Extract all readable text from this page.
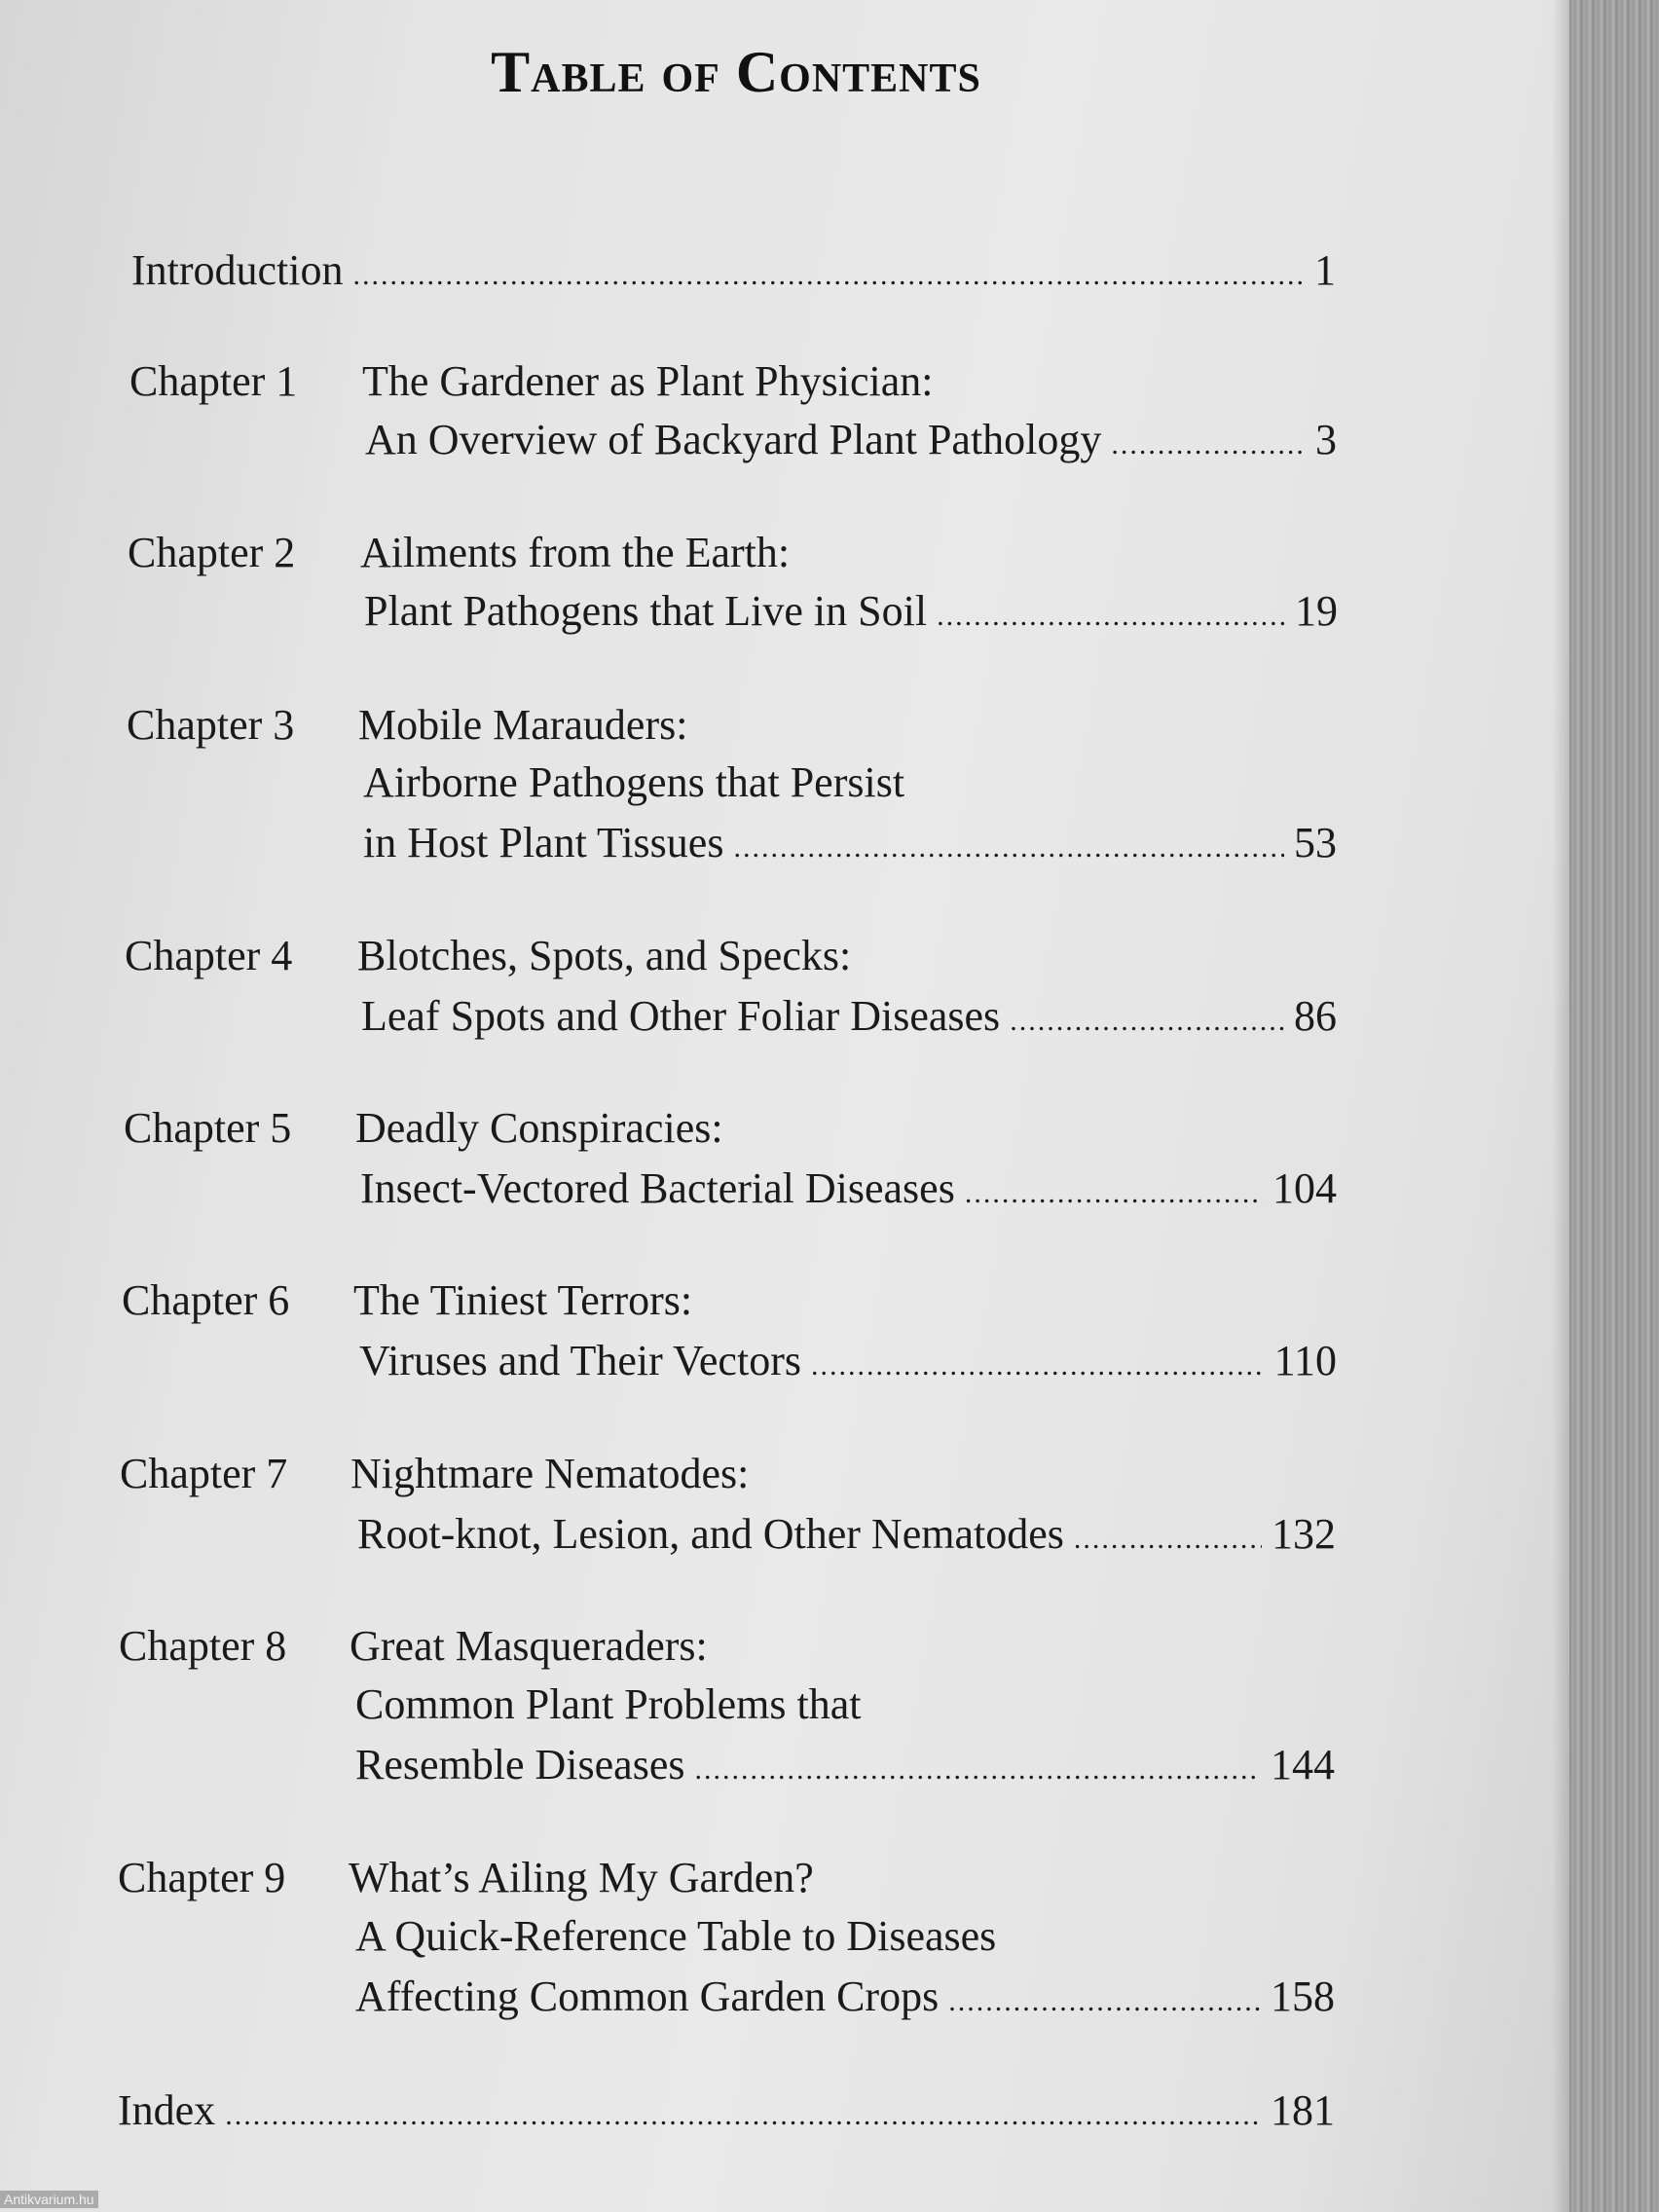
Table of Contents
Introduction .....	1
Chapter 1 The Gardener as Plant Physician:
An Overview of Backyard Plant Pathology .....	3
Chapter 2 Ailments from the Earth:
Plant Pathogens that Live in Soil .....	19
Chapter 3 Mobile Marauders:
Airborne Pathogens that Persist
in Host Plant Tissues .....	53
Chapter 4 Blotches, Spots, and Specks:
Leaf Spots and Other Foliar Diseases .....	86
Chapter 5 Deadly Conspiracies:
Insect-Vectored Bacterial Diseases .....	104
Chapter 6 The Tiniest Terrors:
Viruses and Their Vectors .....	110
Chapter 7 Nightmare Nematodes:
Root-knot, Lesion, and Other Nematodes .....	132
Chapter 8 Great Masqueraders:
Common Plant Problems that
Resemble Diseases .....	144
Chapter 9 What’s Ailing My Garden?
A Quick-Reference Table to Diseases
Affecting Common Garden Crops .....	158
Index .....	181
Antikvarium.hu
